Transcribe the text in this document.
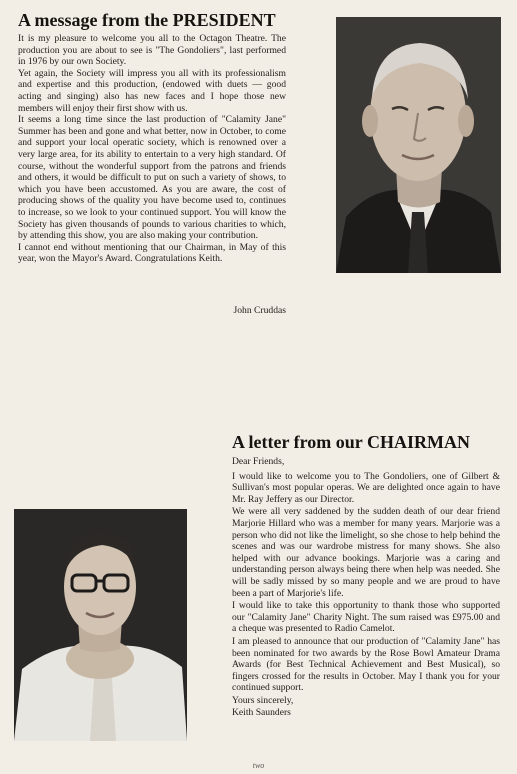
A message from the PRESIDENT

It is my pleasure to welcome you all to the Octagon Theatre. The production you are about to see is "The Gondoliers", last performed in 1976 by our own Society.

Yet again, the Society will impress you all with its professionalism and expertise and this production, (endowed with duets — good acting and singing) also has new faces and I hope those new members will enjoy their first show with us.

It seems a long time since the last production of "Calamity Jane" Summer has been and gone and what better, now in October, to come and support your local operatic society, which is renowned over a very large area, for its ability to entertain to a very high standard. Of course, without the wonderful support from the patrons and friends and others, it would be difficult to put on such a variety of shows, to which you have been accustomed. As you are aware, the cost of producing shows of the quality you have become used to, continues to increase, so we look to your continued support. You will know the Society has given thousands of pounds to various charities to which, by attending this show, you are also making your contribution.

I cannot end without mentioning that our Chairman, in May of this year, won the Mayor's Award. Congratulations Keith.

John Cruddas
A letter from our CHAIRMAN

Dear Friends,

I would like to welcome you to The Gondoliers, one of Gilbert & Sullivan's most popular operas. We are delighted once again to have Mr. Ray Jeffery as our Director.

We were all very saddened by the sudden death of our dear friend Marjorie Hillard who was a member for many years. Marjorie was a person who did not like the limelight, so she chose to help behind the scenes and was our wardrobe mistress for many shows. She also helped with our advance bookings. Marjorie was a caring and understanding person always being there when help was needed. She will be sadly missed by so many people and we are proud to have been a part of Marjorie's life.

I would like to take this opportunity to thank those who supported our "Calamity Jane" Charity Night. The sum raised was £975.00 and a cheque was presented to Radio Camelot.

I am pleased to announce that our production of "Calamity Jane" has been nominated for two awards by the Rose Bowl Amateur Drama Awards (for Best Technical Achievement and Best Musical), so fingers crossed for the results in October. May I thank you for your continued support.

Yours sincerely,

Keith Saunders

two
